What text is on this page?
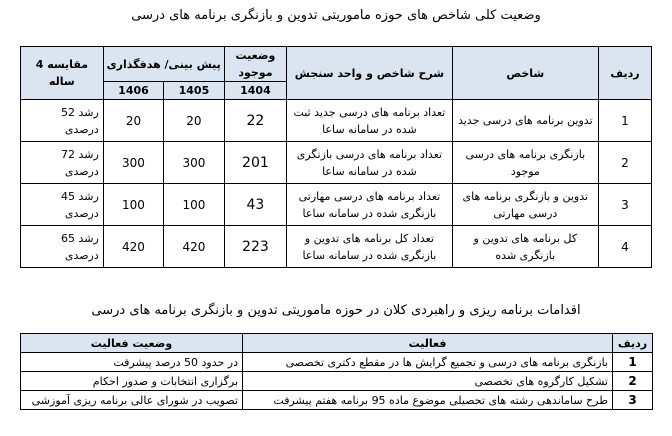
وضعیت کلی شاخص های حوزه ماموریتی تدوین و بازنگری برنامه های درسی
ردیف	شاخص	شرح شاخص و واحد سنجش	وضعیت موجود	پیش بینی/ هدفگذاری		مقایسه 4 ساله
			1404	1405	1406	
1	تدوین برنامه های درسی جدید	تعداد برنامه های درسی جدید ثبت شده در سامانه ساعا	22	20	20	رشد 52 درصدی
2	بازنگری برنامه های درسی موجود	تعداد برنامه های درسی بازنگری شده در سامانه ساعا	201	300	300	رشد 72 درصدی
3	تدوین و بازنگری برنامه های درسی مهارتی	تعداد برنامه های درسی مهارتی بازنگری شده در سامانه ساعا	43	100	100	رشد 45 درصدی
4	کل برنامه های تدوین و بازنگری شده	تعداد کل برنامه های تدوین و بازنگری شده در سامانه ساعا	223	420	420	رشد 65 درصدی
اقدامات برنامه ریزی و راهبردی کلان در حوزه ماموریتی تدوین و بازنگری برنامه های درسی
ردیف	فعالیت	وضعیت فعالیت
1	بازنگری برنامه های درسی و تجمیع گرایش ها در مقطع دکتری تخصصی	در حدود 50 درصد پیشرفت
2	تشکیل کارگروه های تخصصی	برگزاری انتخابات و صدور احکام
3	طرح ساماندهی رشته های تحصیلی موضوع ماده 95 برنامه هفتم پیشرفت	تصویب در شورای عالی برنامه ریزی آموزشی
